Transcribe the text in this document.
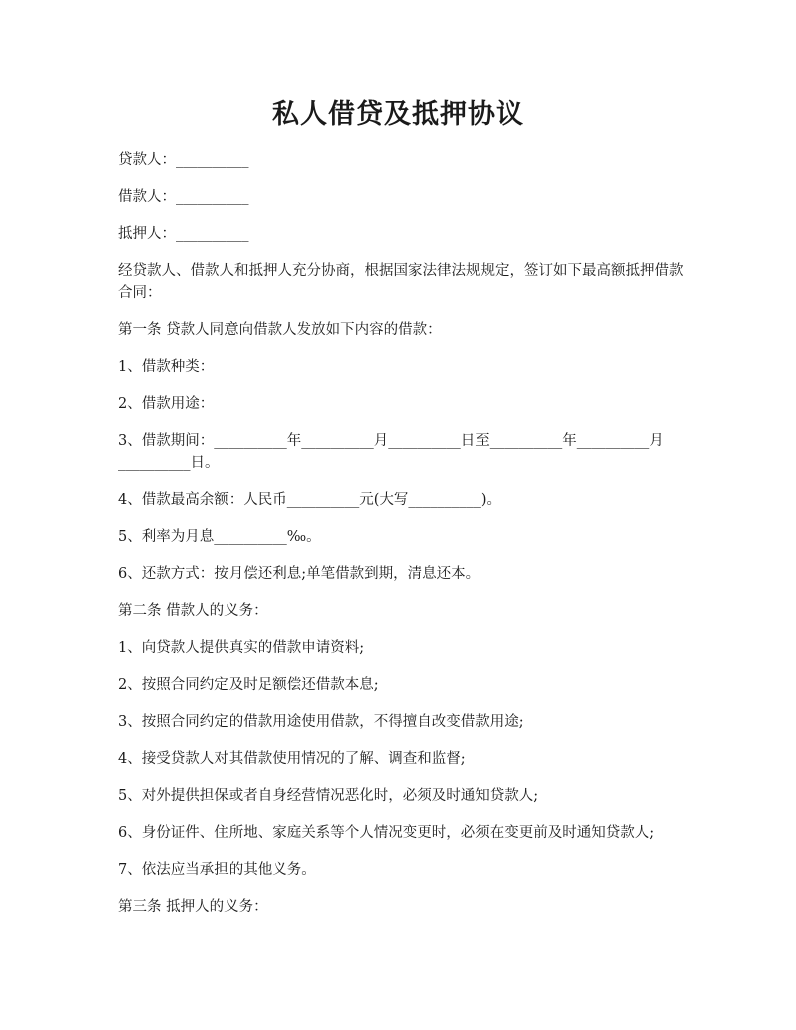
私人借贷及抵押协议

贷款人：__________

借款人：__________

抵押人：__________

经贷款人、借款人和抵押人充分协商，根据国家法律法规规定，签订如下最高额抵押借款合同：

第一条 贷款人同意向借款人发放如下内容的借款：

1、借款种类：

2、借款用途：

3、借款期间：__________年__________月__________日至__________年__________月__________日。

4、借款最高余额：人民币__________元(大写__________)。

5、利率为月息__________‰。

6、还款方式：按月偿还利息;单笔借款到期，清息还本。

第二条 借款人的义务：

1、向贷款人提供真实的借款申请资料;

2、按照合同约定及时足额偿还借款本息;

3、按照合同约定的借款用途使用借款，不得擅自改变借款用途;

4、接受贷款人对其借款使用情况的了解、调查和监督;

5、对外提供担保或者自身经营情况恶化时，必须及时通知贷款人;

6、身份证件、住所地、家庭关系等个人情况变更时，必须在变更前及时通知贷款人;

7、依法应当承担的其他义务。

第三条 抵押人的义务：
